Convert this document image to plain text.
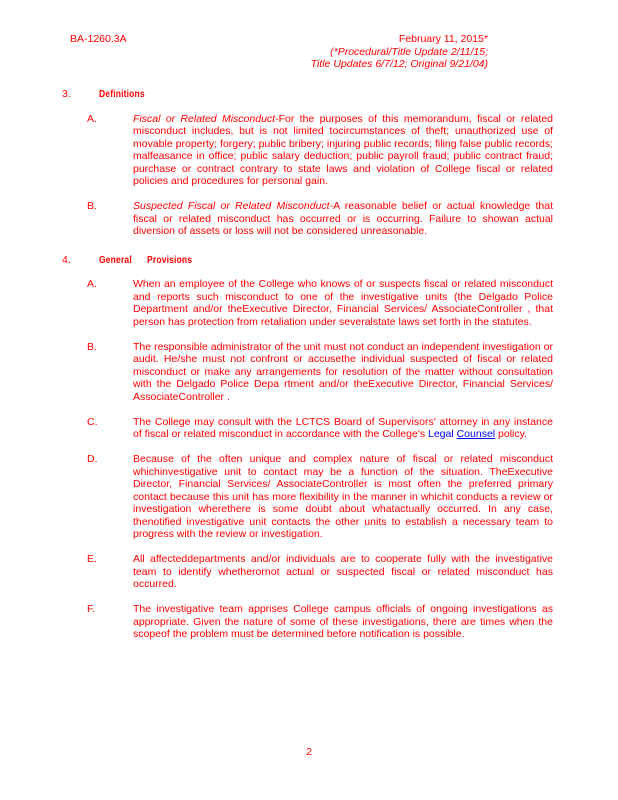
BA-1260.3A	February 11, 2015*
(*Procedural/Title Update 2/11/15;
Title Updates 6/7/12; Original 9/21/04)
3.	Definitions
A.	Fiscal or Related Misconduct-For the purposes of this memorandum, fiscal or related misconduct includes, but is not limited tocircumstances of theft; unauthorized use of movable property; forgery; public bribery; injuring public records; filing false public records; malfeasance in office; public salary deduction; public payroll fraud; public contract fraud; purchase or contract contrary to state laws and violation of College fiscal or related policies and procedures for personal gain.
B.	Suspected Fiscal or Related Misconduct-A reasonable belief or actual knowledge that fiscal or related misconduct has occurred or is occurring. Failure to showan actual diversion of assets or loss will not be considered unreasonable.
4.	General      Provisions
A.	When an employee of the College who knows of or suspects fiscal or related misconduct and reports such misconduct to one of the investigative units (the Delgado Police Department and/or theExecutive Director, Financial Services/ AssociateController , that person has protection from retaliation under severalstate laws set forth in the statutes.
B.	The responsible administrator of the unit must not conduct an independent investigation or audit. He/she must not confront or accusethe individual suspected of fiscal or related misconduct or make any arrangements for resolution of the matter without consultation with the Delgado Police Depa rtment and/or theExecutive Director, Financial Services/ AssociateController .
C.	The College may consult with the LCTCS Board of Supervisors' attorney in any instance of fiscal or related misconduct in accordance with the College's Legal Counsel policy.
D.	Because of the often unique and complex nature of fiscal or related misconduct whichinvestigative unit to contact may be a function of the situation. TheExecutive Director, Financial Services/ AssociateController is most often the preferred primary contact because this unit has more flexibility in the manner in whichit conducts a review or investigation wherethere is some doubt about whatactually occurred. In any case, thenotified investigative unit contacts the other units to establish a necessary team to progress with the review or investigation.
E.	All affecteddepartments and/or individuals are to cooperate fully with the investigative team to identify whetherornot actual or suspected fiscal or related misconduct has occurred.
F.	The investigative team apprises College campus officials of ongoing investigations as appropriate. Given the nature of some of these investigations, there are times when the scopeof the problem must be determined before notification is possible.
2
